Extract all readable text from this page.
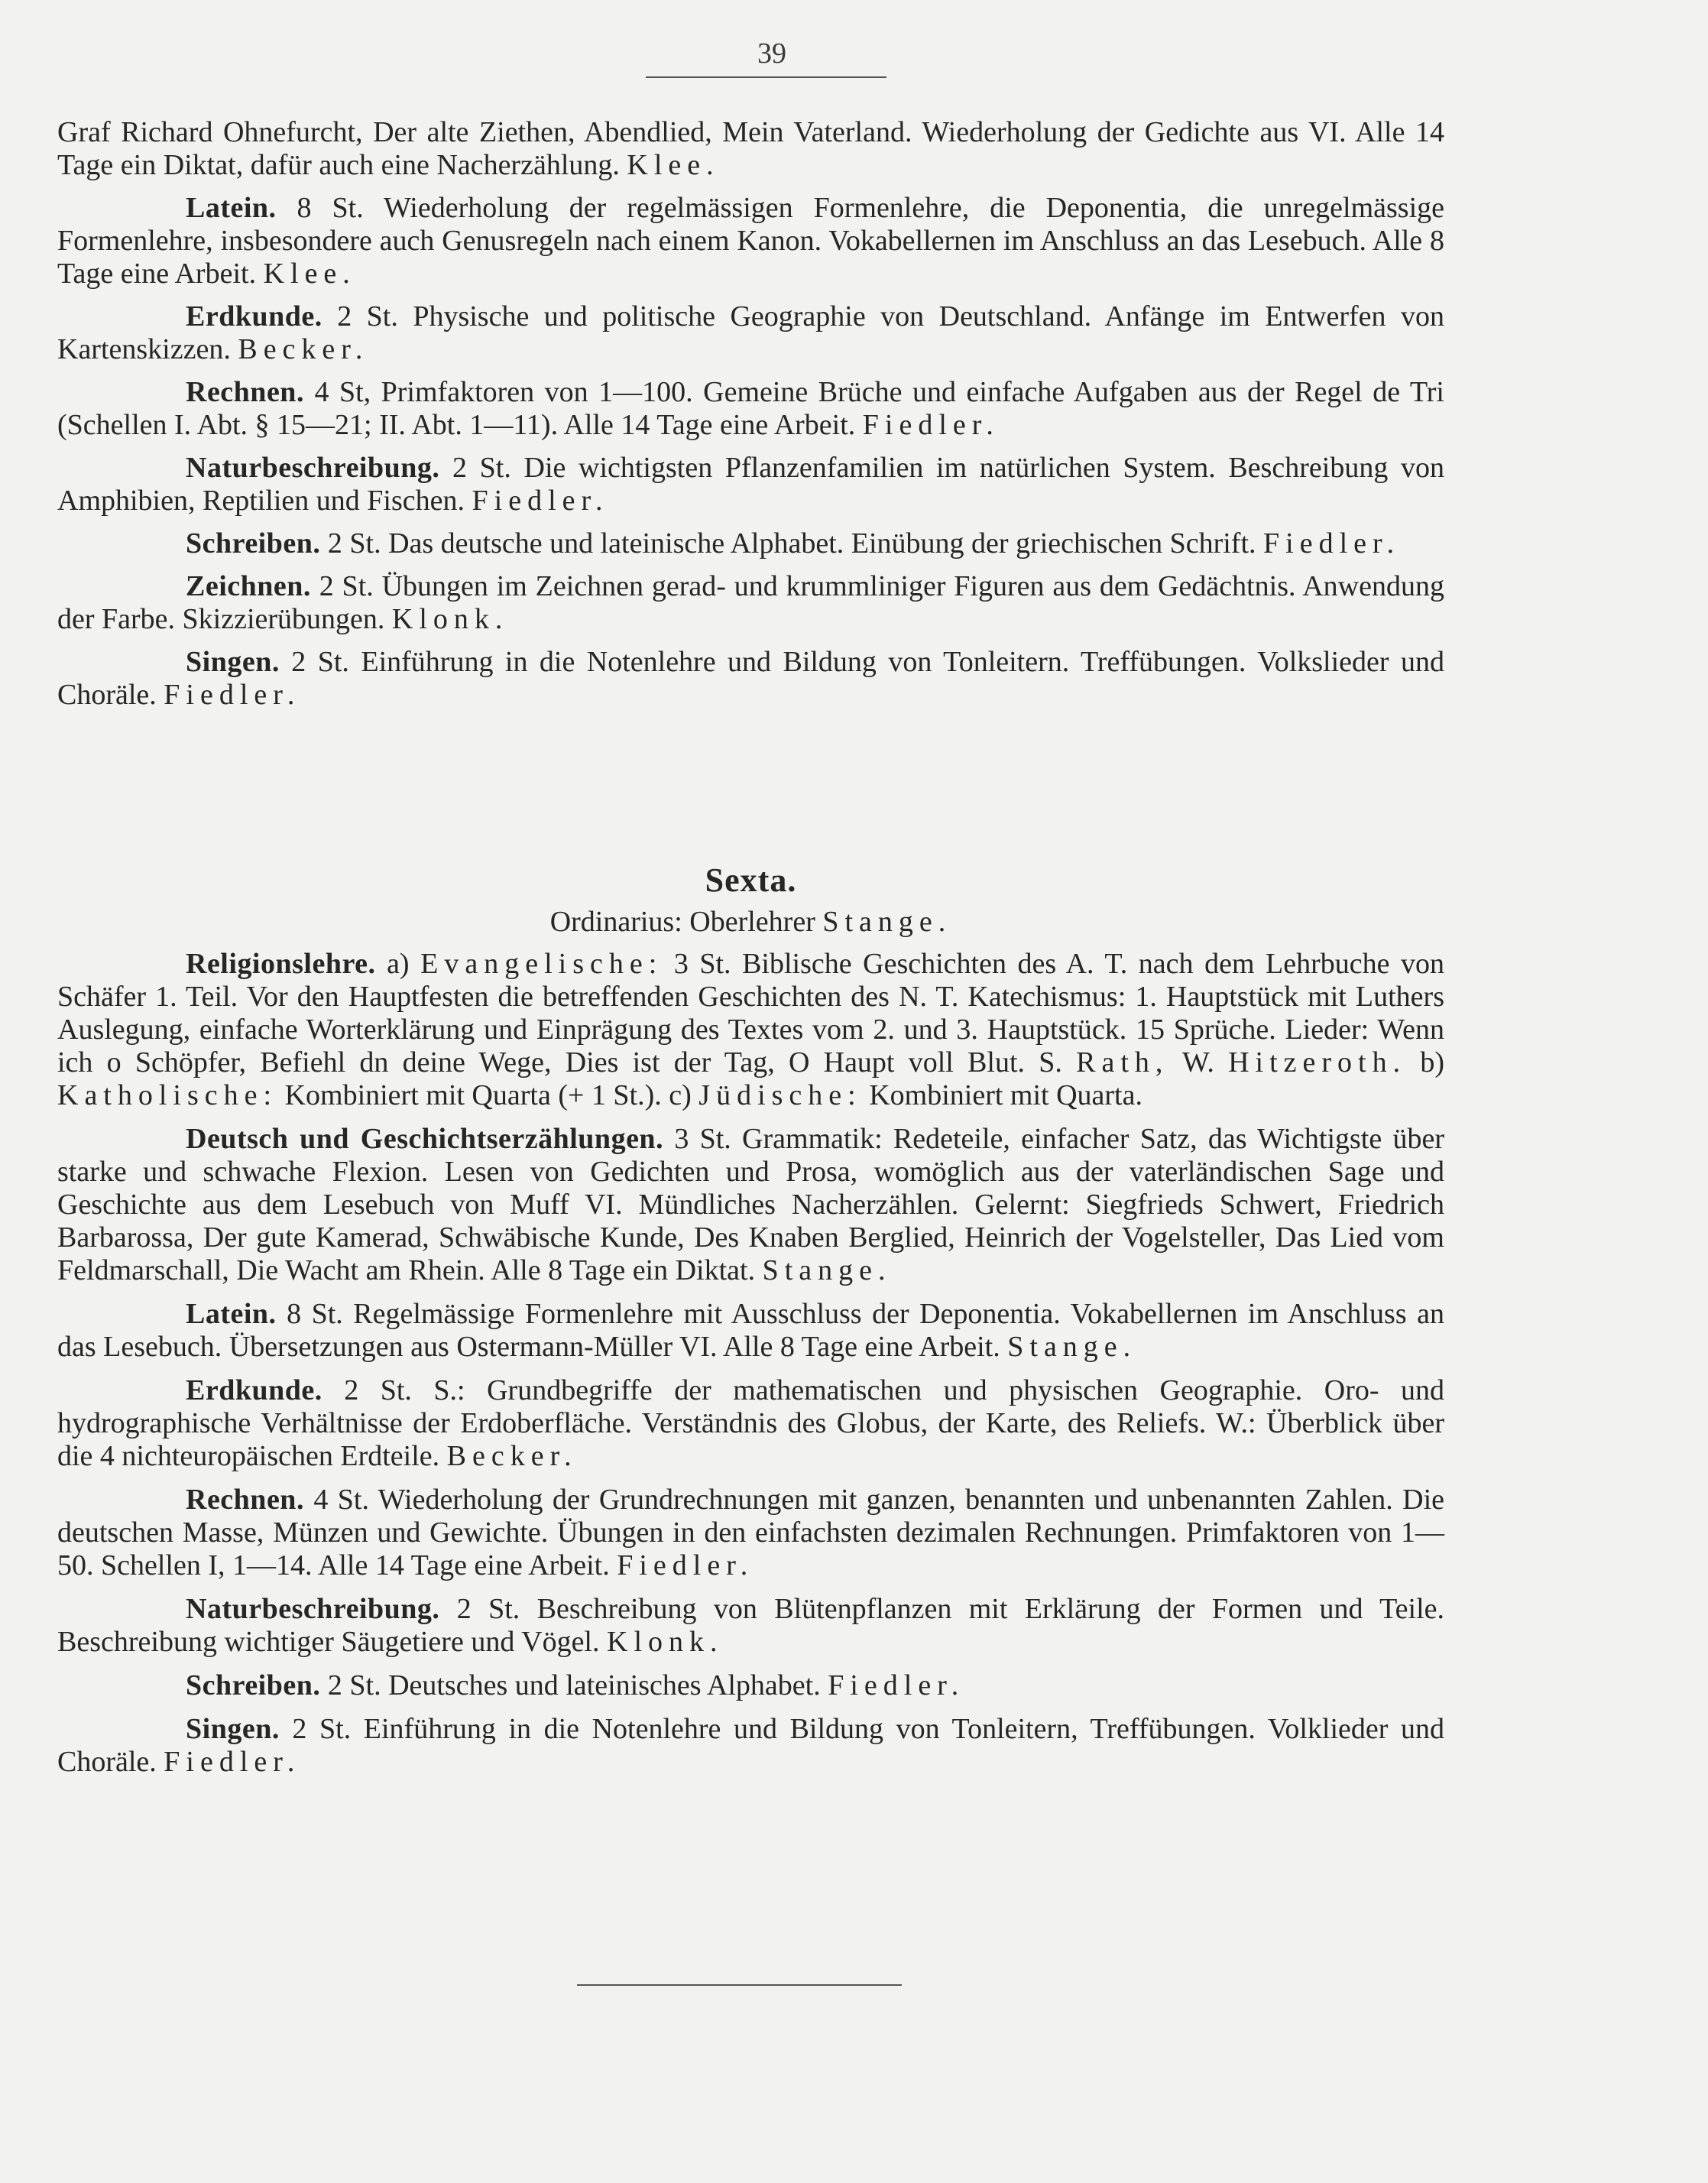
39

Graf Richard Ohnefurcht, Der alte Ziethen, Abendlied, Mein Vaterland. Wiederholung der Gedichte aus VI. Alle 14 Tage ein Diktat, dafür auch eine Nacherzählung. Klee.

Latein. 8 St. Wiederholung der regelmässigen Formenlehre, die Deponentia, die unregelmässige Formenlehre, insbesondere auch Genusregeln nach einem Kanon. Vokabellernen im Anschluss an das Lesebuch. Alle 8 Tage eine Arbeit. Klee.

Erdkunde. 2 St. Physische und politische Geographie von Deutschland. Anfänge im Entwerfen von Kartenskizzen. Becker.

Rechnen. 4 St, Primfaktoren von 1—100. Gemeine Brüche und einfache Aufgaben aus der Regel de Tri (Schellen I. Abt. § 15—21; II. Abt. 1—11). Alle 14 Tage eine Arbeit. Fiedler.

Naturbeschreibung. 2 St. Die wichtigsten Pflanzenfamilien im natürlichen System. Beschreibung von Amphibien, Reptilien und Fischen. Fiedler.

Schreiben. 2 St. Das deutsche und lateinische Alphabet. Einübung der griechischen Schrift. Fiedler.

Zeichnen. 2 St. Übungen im Zeichnen gerad- und krummliniger Figuren aus dem Gedächtnis. Anwendung der Farbe. Skizzierübungen. Klonk.

Singen. 2 St. Einführung in die Notenlehre und Bildung von Tonleitern. Treffübungen. Volkslieder und Choräle. Fiedler.

Sexta.

Ordinarius: Oberlehrer Stange.

Religionslehre. a) Evangelische: 3 St. Biblische Geschichten des A. T. nach dem Lehrbuche von Schäfer 1. Teil. Vor den Hauptfesten die betreffenden Geschichten des N. T. Katechismus: 1. Hauptstück mit Luthers Auslegung, einfache Worterklärung und Einprägung des Textes vom 2. und 3. Hauptstück. 15 Sprüche. Lieder: Wenn ich o Schöpfer, Befiehl dn deine Wege, Dies ist der Tag, O Haupt voll Blut. S. Rath, W. Hitzeroth. b) Katholische: Kombiniert mit Quarta (+ 1 St.). c) Jüdische: Kombiniert mit Quarta.

Deutsch und Geschichtserzählungen. 3 St. Grammatik: Redeteile, einfacher Satz, das Wichtigste über starke und schwache Flexion. Lesen von Gedichten und Prosa, womöglich aus der vaterländischen Sage und Geschichte aus dem Lesebuch von Muff VI. Mündliches Nacherzählen. Gelernt: Siegfrieds Schwert, Friedrich Barbarossa, Der gute Kamerad, Schwäbische Kunde, Des Knaben Berglied, Heinrich der Vogelsteller, Das Lied vom Feldmarschall, Die Wacht am Rhein. Alle 8 Tage ein Diktat. Stange.

Latein. 8 St. Regelmässige Formenlehre mit Ausschluss der Deponentia. Vokabellernen im Anschluss an das Lesebuch. Übersetzungen aus Ostermann-Müller VI. Alle 8 Tage eine Arbeit. Stange.

Erdkunde. 2 St. S.: Grundbegriffe der mathematischen und physischen Geographie. Oro- und hydrographische Verhältnisse der Erdoberfläche. Verständnis des Globus, der Karte, des Reliefs. W.: Überblick über die 4 nichteuropäischen Erdteile. Becker.

Rechnen. 4 St. Wiederholung der Grundrechnungen mit ganzen, benannten und unbenannten Zahlen. Die deutschen Masse, Münzen und Gewichte. Übungen in den einfachsten dezimalen Rechnungen. Primfaktoren von 1—50. Schellen I, 1—14. Alle 14 Tage eine Arbeit. Fiedler.

Naturbeschreibung. 2 St. Beschreibung von Blütenpflanzen mit Erklärung der Formen und Teile. Beschreibung wichtiger Säugetiere und Vögel. Klonk.

Schreiben. 2 St. Deutsches und lateinisches Alphabet. Fiedler.

Singen. 2 St. Einführung in die Notenlehre und Bildung von Tonleitern, Treffübungen. Volklieder und Choräle. Fiedler.
